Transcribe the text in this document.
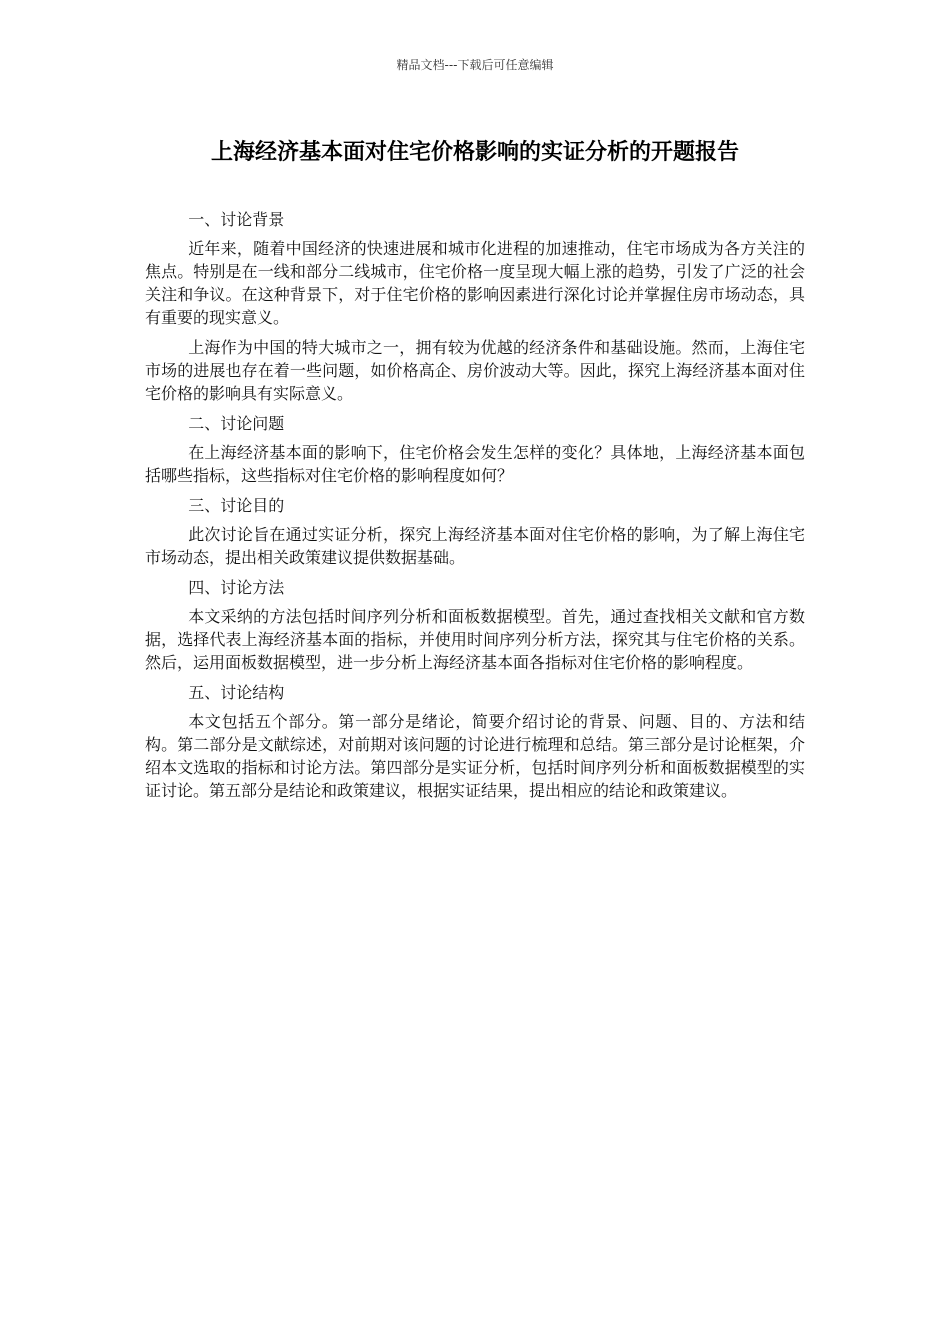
精品文档---下载后可任意编辑
上海经济基本面对住宅价格影响的实证分析的开题报告

一、讨论背景

近年来，随着中国经济的快速进展和城市化进程的加速推动，住宅市场成为各方关注的焦点。特别是在一线和部分二线城市，住宅价格一度呈现大幅上涨的趋势，引发了广泛的社会关注和争议。在这种背景下，对于住宅价格的影响因素进行深化讨论并掌握住房市场动态，具有重要的现实意义。

上海作为中国的特大城市之一，拥有较为优越的经济条件和基础设施。然而，上海住宅市场的进展也存在着一些问题，如价格高企、房价波动大等。因此，探究上海经济基本面对住宅价格的影响具有实际意义。

二、讨论问题

在上海经济基本面的影响下，住宅价格会发生怎样的变化？具体地，上海经济基本面包括哪些指标，这些指标对住宅价格的影响程度如何？

三、讨论目的

此次讨论旨在通过实证分析，探究上海经济基本面对住宅价格的影响，为了解上海住宅市场动态，提出相关政策建议提供数据基础。

四、讨论方法

本文采纳的方法包括时间序列分析和面板数据模型。首先，通过查找相关文献和官方数据，选择代表上海经济基本面的指标，并使用时间序列分析方法，探究其与住宅价格的关系。然后，运用面板数据模型，进一步分析上海经济基本面各指标对住宅价格的影响程度。

五、讨论结构

本文包括五个部分。第一部分是绪论，简要介绍讨论的背景、问题、目的、方法和结构。第二部分是文献综述，对前期对该问题的讨论进行梳理和总结。第三部分是讨论框架，介绍本文选取的指标和讨论方法。第四部分是实证分析，包括时间序列分析和面板数据模型的实证讨论。第五部分是结论和政策建议，根据实证结果，提出相应的结论和政策建议。
